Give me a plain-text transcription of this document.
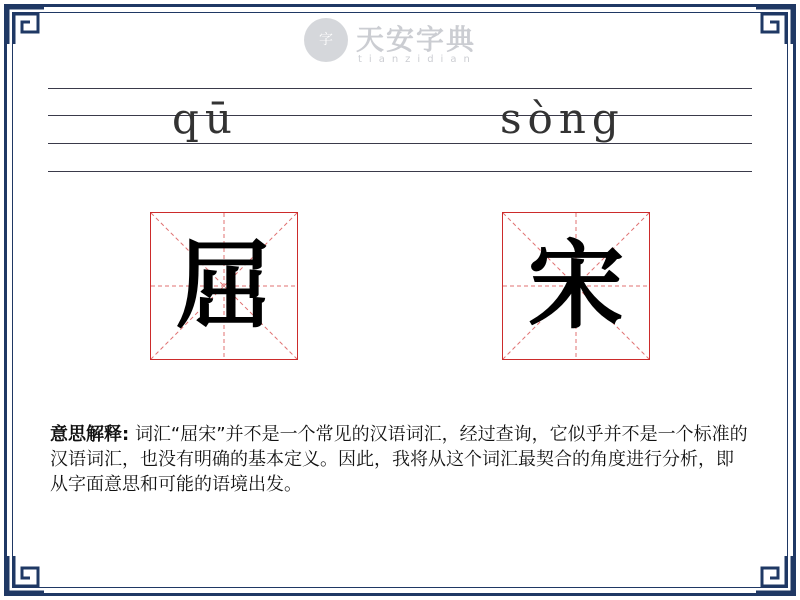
字 天安字典
tianzidian
qū	sòng
屈	宋
意思解释: 词汇“屈宋”并不是一个常见的汉语词汇，经过查询，它似乎并不是一个标准的汉语词汇，也没有明确的基本定义。因此，我将从这个词汇最契合的角度进行分析，即从字面意思和可能的语境出发。
